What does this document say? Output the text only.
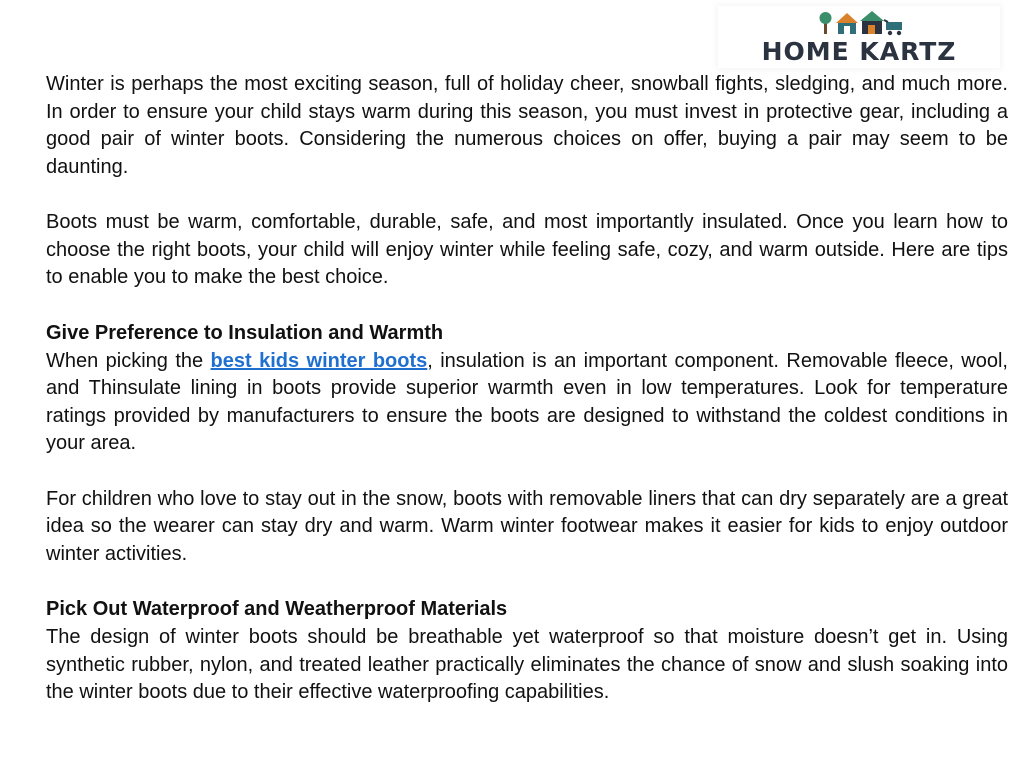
HOME KARTZ

Winter is perhaps the most exciting season, full of holiday cheer, snowball fights, sledging, and much more. In order to ensure your child stays warm during this season, you must invest in protective gear, including a good pair of winter boots. Considering the numerous choices on offer, buying a pair may seem to be daunting.

Boots must be warm, comfortable, durable, safe, and most importantly insulated. Once you learn how to choose the right boots, your child will enjoy winter while feeling safe, cozy, and warm outside. Here are tips to enable you to make the best choice.

Give Preference to Insulation and Warmth

When picking the best kids winter boots, insulation is an important component. Removable fleece, wool, and Thinsulate lining in boots provide superior warmth even in low temperatures. Look for temperature ratings provided by manufacturers to ensure the boots are designed to withstand the coldest conditions in your area.

For children who love to stay out in the snow, boots with removable liners that can dry separately are a great idea so the wearer can stay dry and warm. Warm winter footwear makes it easier for kids to enjoy outdoor winter activities.

Pick Out Waterproof and Weatherproof Materials

The design of winter boots should be breathable yet waterproof so that moisture doesn’t get in. Using synthetic rubber, nylon, and treated leather practically eliminates the chance of snow and slush soaking into the winter boots due to their effective waterproofing capabilities.
